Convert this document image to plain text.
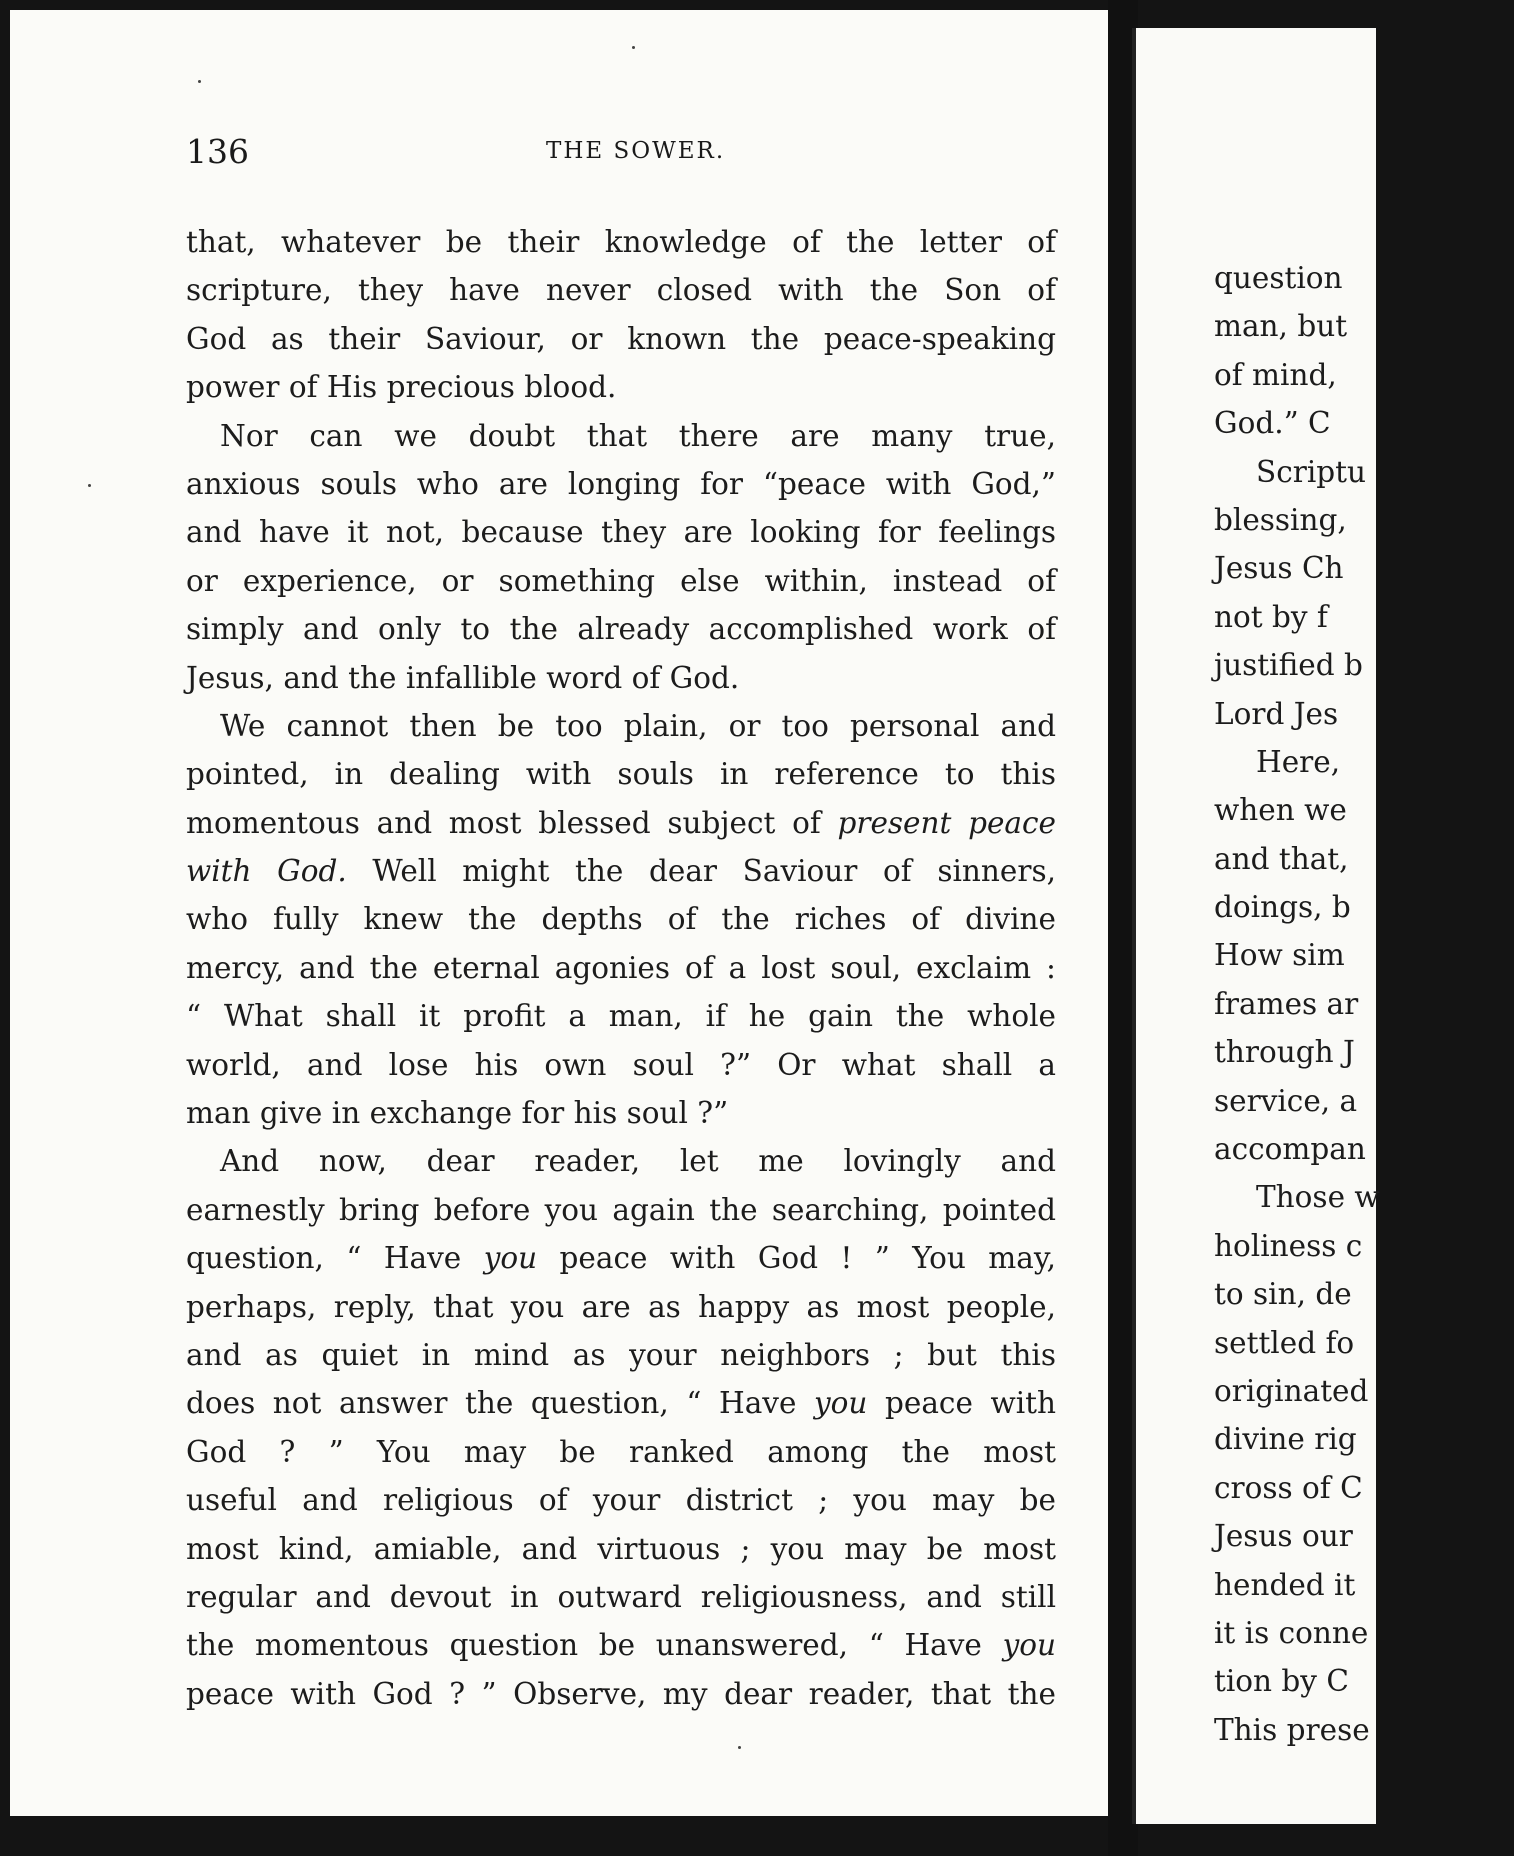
136	THE SOWER.
that, whatever be their knowledge of the letter of
scripture, they have never closed with the Son of
God as their Saviour, or known the peace-speaking
power of His precious blood.
Nor can we doubt that there are many true,
anxious souls who are longing for “peace with God,”
and have it not, because they are looking for feelings
or experience, or something else within, instead of
simply and only to the already accomplished work of
Jesus, and the infallible word of God.
We cannot then be too plain, or too personal and
pointed, in dealing with souls in reference to this
momentous and most blessed subject of present peace
with God. Well might the dear Saviour of sinners,
who fully knew the depths of the riches of divine
mercy, and the eternal agonies of a lost soul, exclaim :
“ What shall it profit a man, if he gain the whole
world, and lose his own soul ?” Or what shall a
man give in exchange for his soul ?”
And now, dear reader, let me lovingly and
earnestly bring before you again the searching, pointed
question, “ Have you peace with God ! ” You may,
perhaps, reply, that you are as happy as most people,
and as quiet in mind as your neighbors ; but this
does not answer the question, “ Have you peace with
God ? ” You may be ranked among the most
useful and religious of your district ; you may be
most kind, amiable, and virtuous ; you may be most
regular and devout in outward religiousness, and still
the momentous question be unanswered, “ Have you
peace with God ? ” Observe, my dear reader, that the
question
man, but
of mind,
God.” C
Scriptu
blessing,
Jesus Ch
not by f
justified b
Lord Jes
Here,
when we
and that,
doings, b
How sim
frames ar
through J
service, a
accompan
Those w
holiness c
to sin, de
settled fo
originated
divine rig
cross of C
Jesus our
hended it
it is conne
tion by C
This prese
